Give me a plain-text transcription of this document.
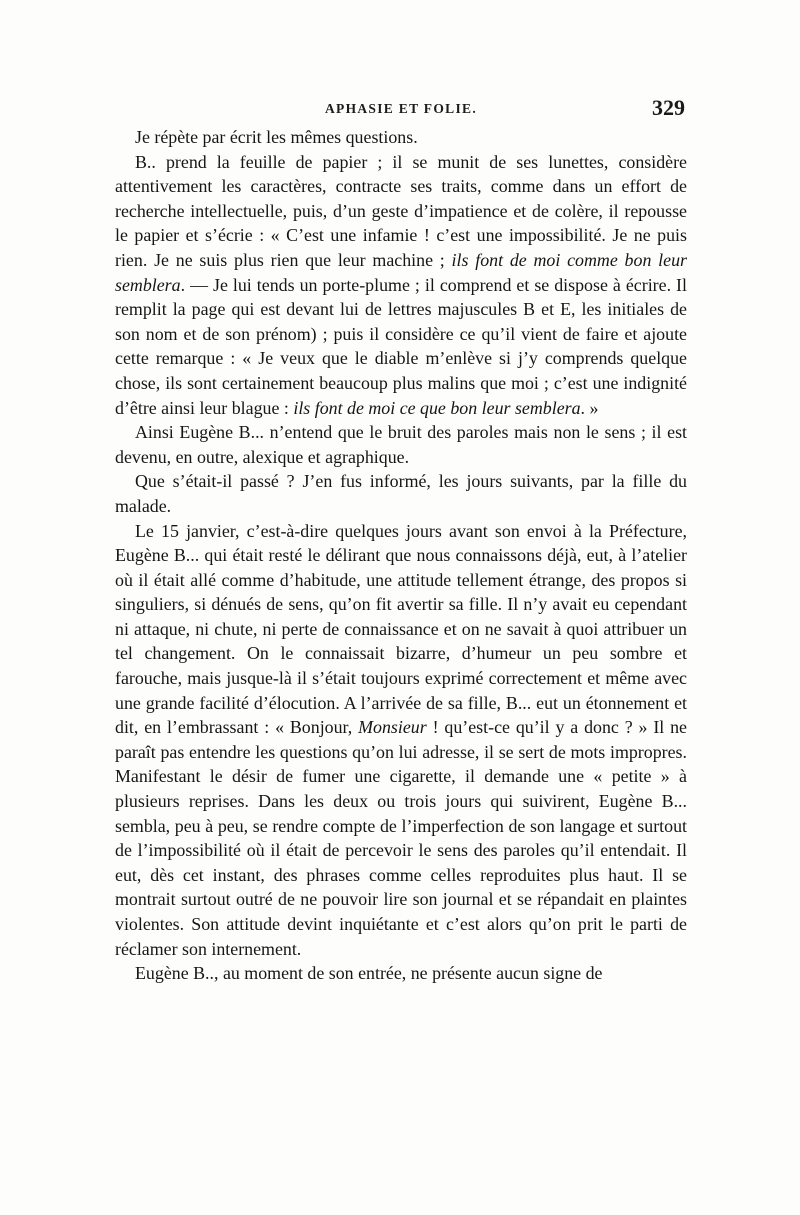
APHASIE ET FOLIE.	329

Je répète par écrit les mêmes questions.

B.. prend la feuille de papier ; il se munit de ses lunettes, considère attentivement les caractères, contracte ses traits, comme dans un effort de recherche intellectuelle, puis, d’un geste d’impatience et de colère, il repousse le papier et s’écrie : « C’est une infamie ! c’est une impossibilité. Je ne puis rien. Je ne suis plus rien que leur machine ; ils font de moi comme bon leur semblera. — Je lui tends un porte-plume ; il comprend et se dispose à écrire. Il remplit la page qui est devant lui de lettres majuscules B et E, les initiales de son nom et de son prénom) ; puis il considère ce qu’il vient de faire et ajoute cette remarque : « Je veux que le diable m’enlève si j’y comprends quelque chose, ils sont certainement beaucoup plus malins que moi ; c’est une indignité d’être ainsi leur blague : ils font de moi ce que bon leur semblera. »

Ainsi Eugène B... n’entend que le bruit des paroles mais non le sens ; il est devenu, en outre, alexique et agraphique.

Que s’était-il passé ? J’en fus informé, les jours suivants, par la fille du malade.

Le 15 janvier, c’est-à-dire quelques jours avant son envoi à la Préfecture, Eugène B... qui était resté le délirant que nous connaissons déjà, eut, à l’atelier où il était allé comme d’habitude, une attitude tellement étrange, des propos si singuliers, si dénués de sens, qu’on fit avertir sa fille. Il n’y avait eu cependant ni attaque, ni chute, ni perte de connaissance et on ne savait à quoi attribuer un tel changement. On le connaissait bizarre, d’humeur un peu sombre et farouche, mais jusque-là il s’était toujours exprimé correctement et même avec une grande facilité d’élocution. A l’arrivée de sa fille, B... eut un étonnement et dit, en l’embrassant : « Bonjour, Monsieur ! qu’est-ce qu’il y a donc ? » Il ne paraît pas entendre les questions qu’on lui adresse, il se sert de mots impropres. Manifestant le désir de fumer une cigarette, il demande une « petite » à plusieurs reprises. Dans les deux ou trois jours qui suivirent, Eugène B... sembla, peu à peu, se rendre compte de l’imperfection de son langage et surtout de l’impossibilité où il était de percevoir le sens des paroles qu’il entendait. Il eut, dès cet instant, des phrases comme celles reproduites plus haut. Il se montrait surtout outré de ne pouvoir lire son journal et se répandait en plaintes violentes. Son attitude devint inquiétante et c’est alors qu’on prit le parti de réclamer son internement.

Eugène B.., au moment de son entrée, ne présente aucun signe de
